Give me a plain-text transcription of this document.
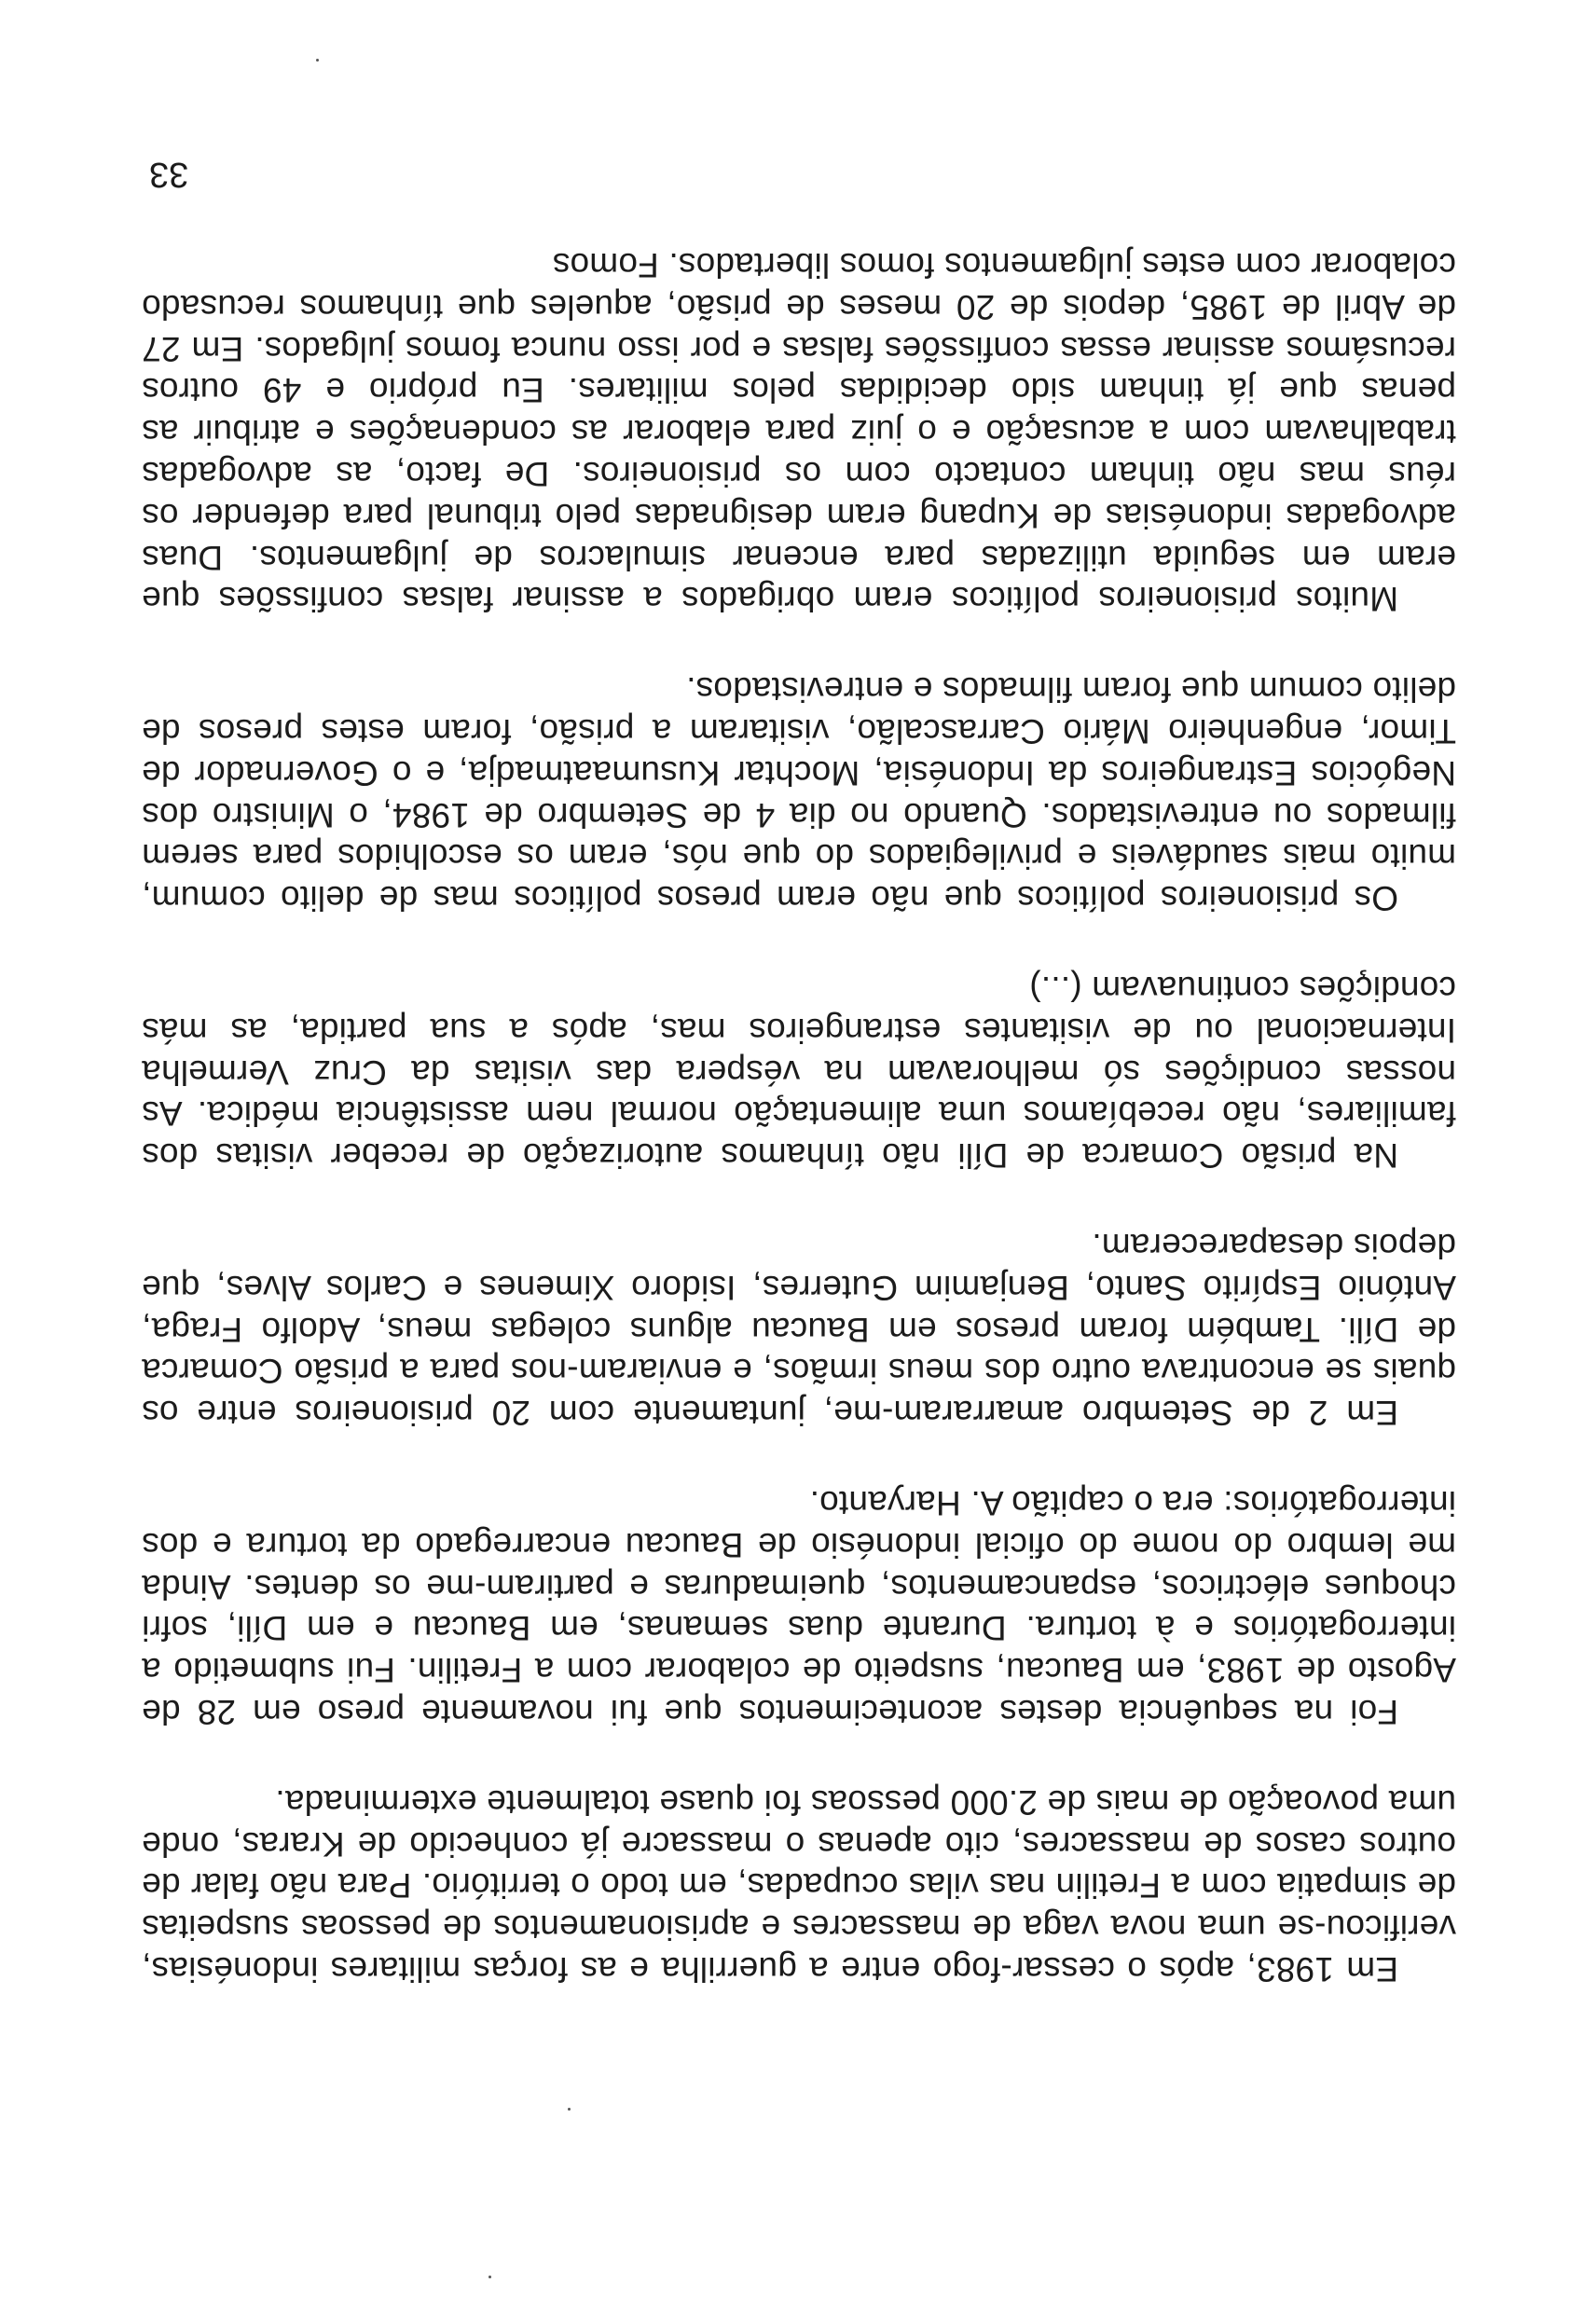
Em 1983, após o cessar-fogo entre a guerrilha e as forças militares indonésias, verificou-se uma nova vaga de massacres e aprisionamentos de pessoas suspeitas de simpatia com a Fretilin nas vilas ocupadas, em todo o território. Para não falar de outros casos de massacres, cito apenas o massacre já conhecido de Kraras, onde uma povoação de mais de 2.000 pessoas foi quase totalmente exterminada.

Foi na sequência destes acontecimentos que fui novamente preso em 28 de Agosto de 1983, em Baucau, suspeito de colaborar com a Fretilin. Fui submetido a interrogatórios e à tortura. Durante duas semanas, em Baucau e em Díli, sofri choques eléctricos, espancamentos, queimaduras e partiram-me os dentes. Ainda me lembro do nome do oficial indonésio de Baucau encarregado da tortura e dos interrogatórios: era o capitão A. Haryanto.

Em 2 de Setembro amarraram-me, juntamente com 20 prisioneiros entre os quais se encontrava outro dos meus irmãos, e enviaram-nos para a prisão Comarca de Díli. Também foram presos em Baucau alguns colegas meus, Adolfo Fraga, António Espírito Santo, Benjamim Guterres, Isidoro Ximenes e Carlos Alves, que depois desapareceram.

Na prisão Comarca de Díli não tínhamos autorização de receber visitas dos familiares, não recebíamos uma alimentação normal nem assistência médica. As nossas condições só melhoravam na véspera das visitas da Cruz Vermelha Internacional ou de visitantes estrangeiros mas, após a sua partida, as más condições continuavam (...)

Os prisioneiros políticos que não eram presos políticos mas de delito comum, muito mais saudáveis e privilegiados do que nós, eram os escolhidos para serem filmados ou entrevistados. Quando no dia 4 de Setembro de 1984, o Ministro dos Negócios Estrangeiros da Indonésia, Mochtar Kusumaatmadja, e o Governador de Timor, engenheiro Mário Carrascalão, visitaram a prisão, foram estes presos de delito comum que foram filmados e entrevistados.

Muitos prisioneiros políticos eram obrigados a assinar falsas confissões que eram em seguida utilizadas para encenar simulacros de julgamentos. Duas advogadas indonésias de Kupang eram designadas pelo tribunal para defender os réus mas não tinham contacto com os prisioneiros. De facto, as advogadas trabalhavam com a acusação e o juiz para elaborar as condenações e atribuir as penas que já tinham sido decididas pelos militares. Eu próprio e 49 outros recusámos assinar essas confissões falsas e por isso nunca fomos julgados. Em 27 de Abril de 1985, depois de 20 meses de prisão, aqueles que tínhamos recusado colaborar com estes julgamentos fomos libertados. Fomos

33
